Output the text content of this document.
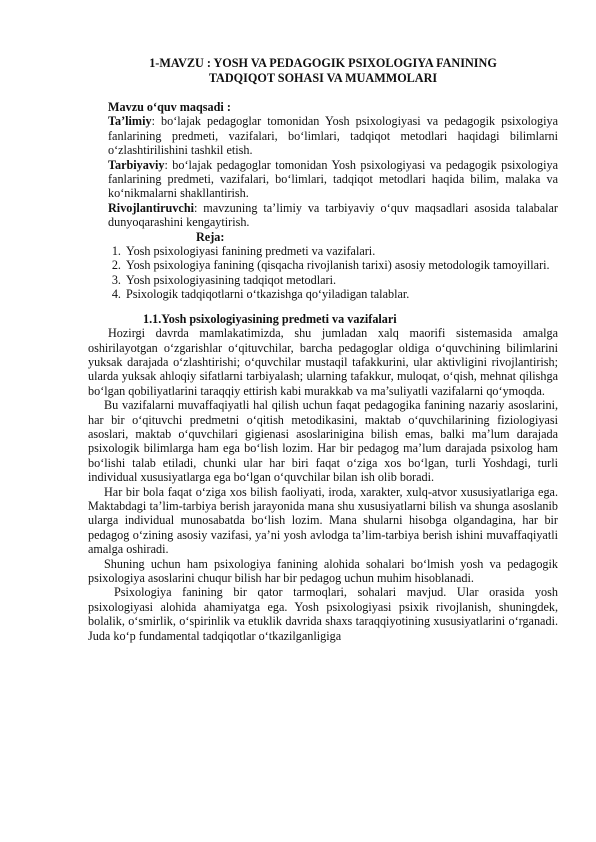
1-MAVZU : YOSH VA PEDAGOGIK PSIXOLOGIYA FANINING
TADQIQOT SOHASI VA MUAMMOLARI

Mavzu o‘quv maqsadi :

Ta’limiy: bo‘lajak pedagoglar tomonidan Yosh psixologiyasi va pedagogik psixologiya fanlarining predmeti, vazifalari, bo‘limlari, tadqiqot metodlari haqidagi bilimlarni o‘zlashtirilishini tashkil etish.

Tarbiyaviy: bo‘lajak pedagoglar tomonidan Yosh psixologiyasi va pedagogik psixologiya fanlarining predmeti, vazifalari, bo‘limlari, tadqiqot metodlari haqida bilim, malaka va ko‘nikmalarni shakllantirish.

Rivojlantiruvchi: mavzuning ta’limiy va tarbiyaviy o‘quv maqsadlari asosida talabalar dunyoqarashini kengaytirish.

Reja:

1. Yosh psixologiyasi fanining predmeti va vazifalari.
2. Yosh psixologiya fanining (qisqacha rivojlanish tarixi) asosiy metodologik tamoyillari.
3. Yosh psixologiyasining tadqiqot metodlari.
4. Psixologik tadqiqotlarni o‘tkazishga qo‘yiladigan talablar.

1.1.Yosh psixologiyasining predmeti va vazifalari

Hozirgi davrda mamlakatimizda, shu jumladan xalq maorifi sistemasida amalga oshirilayotgan o‘zgarishlar o‘qituvchilar, barcha pedagoglar oldiga o‘quvchining bilimlarini yuksak darajada o‘zlashtirishi; o‘quvchilar mustaqil tafakkurini, ular aktivligini rivojlantirish; ularda yuksak ahloqiy sifatlarni tarbiyalash; ularning tafakkur, muloqat, o‘qish, mehnat qilishga bo‘lgan qobiliyatlarini taraqqiy ettirish kabi murakkab va ma’suliyatli vazifalarni qo‘ymoqda.

Bu vazifalarni muvaffaqiyatli hal qilish uchun faqat pedagogika fanining nazariy asoslarini, har bir o‘qituvchi predmetni o‘qitish metodikasini, maktab o‘quvchilarining fiziologiyasi asoslari, maktab o‘quvchilari gigienasi asoslarinigina bilish emas, balki ma’lum darajada psixologik bilimlarga ham ega bo‘lish lozim. Har bir pedagog ma’lum darajada psixolog ham bo‘lishi talab etiladi, chunki ular har biri faqat o‘ziga xos bo‘lgan, turli Yoshdagi, turli individual xususiyatlarga ega bo‘lgan o‘quvchilar bilan ish olib boradi.

Har bir bola faqat o‘ziga xos bilish faoliyati, iroda, xarakter, xulq-atvor xususiyatlariga ega. Maktabdagi ta’lim-tarbiya berish jarayonida mana shu xususiyatlarni bilish va shunga asoslanib ularga individual munosabatda bo‘lish lozim. Mana shularni hisobga olgandagina, har bir pedagog o‘zining asosiy vazifasi, ya’ni yosh avlodga ta’lim-tarbiya berish ishini muvaffaqiyatli amalga oshiradi.

Shuning uchun ham psixologiya fanining alohida sohalari bo‘lmish yosh va pedagogik psixologiya asoslarini chuqur bilish har bir pedagog uchun muhim hisoblanadi.

Psixologiya fanining bir qator tarmoqlari, sohalari mavjud. Ular orasida yosh psixologiyasi alohida ahamiyatga ega. Yosh psixologiyasi psixik rivojlanish, shuningdek, bolalik, o‘smirlik, o‘spirinlik va etuklik davrida shaxs taraqqiyotining xususiyatlarini o‘rganadi. Juda ko‘p fundamental tadqiqotlar o‘tkazilganligiga
